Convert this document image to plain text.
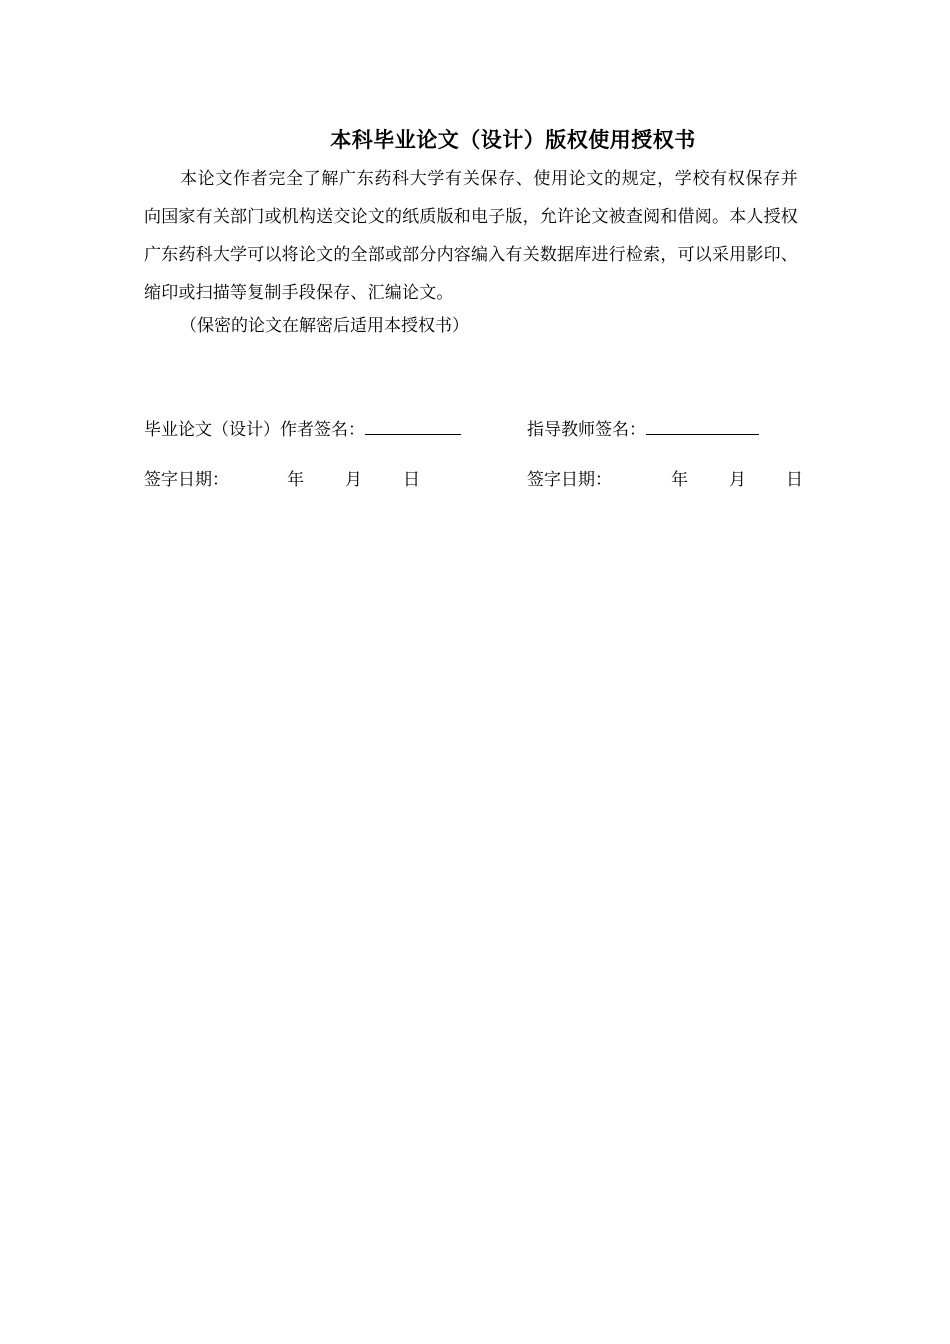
本科毕业论文（设计）版权使用授权书
本论文作者完全了解广东药科大学有关保存、使用论文的规定，学校有权保存并向国家有关部门或机构送交论文的纸质版和电子版，允许论文被查阅和借阅。本人授权广东药科大学可以将论文的全部或部分内容编入有关数据库进行检索，可以采用影印、缩印或扫描等复制手段保存、汇编论文。
（保密的论文在解密后适用本授权书）
毕业论文（设计）作者签名：	指导教师签名：
签字日期：	年 月 日	签字日期：	年 月 日
